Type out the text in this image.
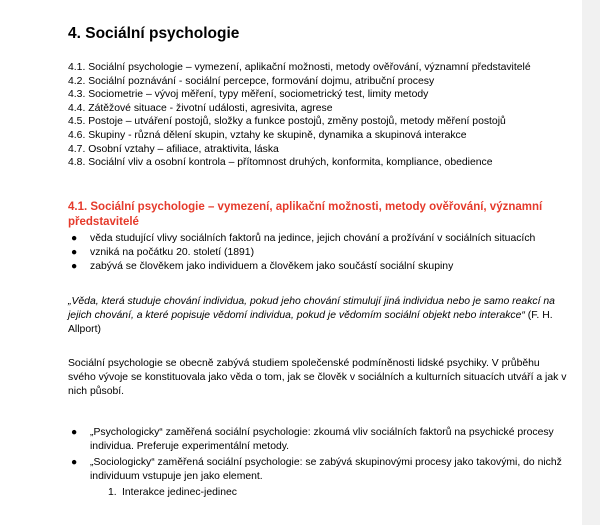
4. Sociální psychologie

4.1. Sociální psychologie – vymezení, aplikační možnosti, metody ověřování, významní představitelé

4.2. Sociální poznávání - sociální percepce, formování dojmu, atribuční procesy

4.3. Sociometrie – vývoj měření, typy měření, sociometrický test, limity metody

4.4. Zátěžové situace - životní události, agresivita, agrese

4.5. Postoje – utváření postojů, složky a funkce postojů, změny postojů, metody měření postojů

4.6. Skupiny - různá dělení skupin, vztahy ke skupině, dynamika a skupinová interakce

4.7. Osobní vztahy – afiliace, atraktivita, láska

4.8. Sociální vliv a osobní kontrola – přítomnost druhých, konformita, kompliance, obedience

4.1. Sociální psychologie – vymezení, aplikační možnosti, metody ověřování, významní představitelé
● věda studující vlivy sociálních faktorů na jedince, jejich chování a prožívání v sociálních situacích
● vzniká na počátku 20. století (1891)
● zabývá se člověkem jako individuem a člověkem jako součástí sociální skupiny

„Věda, která studuje chování individua, pokud jeho chování stimulují jiná individua nebo je samo reakcí na jejich chování, a které popisuje vědomí individua, pokud je vědomím sociální objekt nebo interakce“ (F. H. Allport)

Sociální psychologie se obecně zabývá studiem společenské podmíněnosti lidské psychiky. V průběhu svého vývoje se konstituovala jako věda o tom, jak se člověk v sociálních a kulturních situacích utváří a jak v nich působí.

● „Psychologicky“ zaměřená sociální psychologie: zkoumá vliv sociálních faktorů na psychické procesy individua. Preferuje experimentální metody.
● „Sociologicky“ zaměřená sociální psychologie: se zabývá skupinovými procesy jako takovými, do nichž individuum vstupuje jen jako element.
1. Interakce jedinec-jedinec
